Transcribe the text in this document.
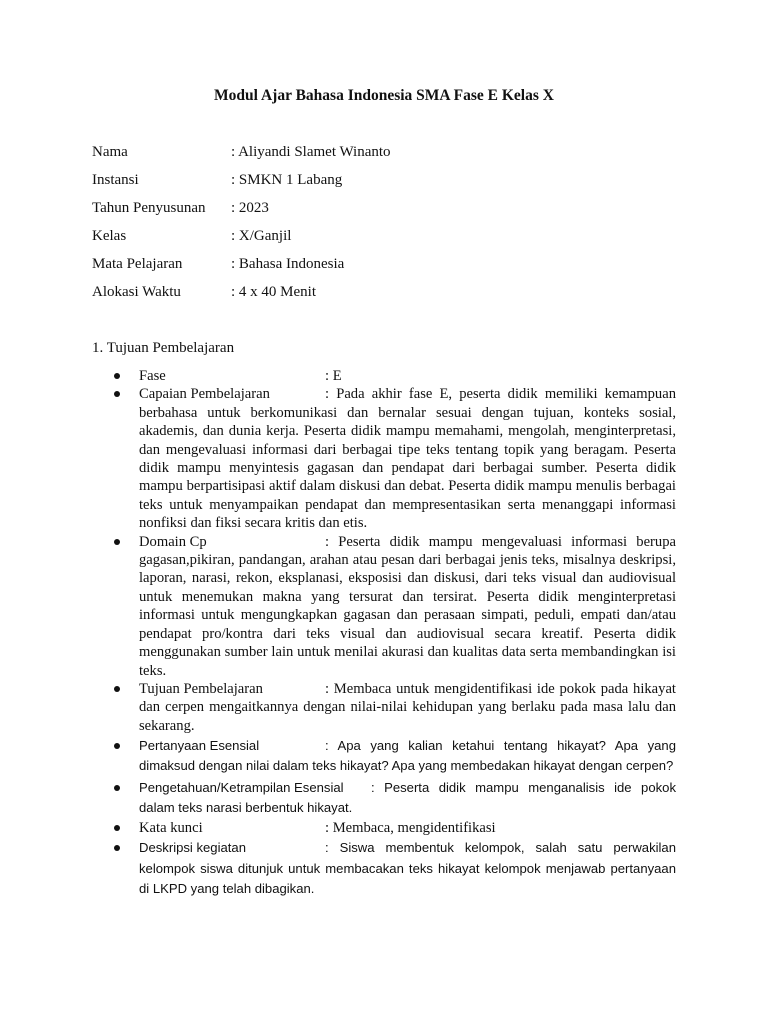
Modul Ajar Bahasa Indonesia SMA Fase E Kelas X
Nama	: Aliyandi Slamet Winanto
Instansi	: SMKN 1 Labang
Tahun Penyusunan	: 2023
Kelas	: X/Ganjil
Mata Pelajaran	: Bahasa Indonesia
Alokasi Waktu	: 4 x 40 Menit
1. Tujuan Pembelajaran
Fase	: E
Capaian Pembelajaran	: Pada akhir fase E, peserta didik memiliki kemampuan berbahasa untuk berkomunikasi dan bernalar sesuai dengan tujuan, konteks sosial, akademis, dan dunia kerja. Peserta didik mampu memahami, mengolah, menginterpretasi, dan mengevaluasi informasi dari berbagai tipe teks tentang topik yang beragam. Peserta didik mampu menyintesis gagasan dan pendapat dari berbagai sumber. Peserta didik mampu berpartisipasi aktif dalam diskusi dan debat. Peserta didik mampu menulis berbagai teks untuk menyampaikan pendapat dan mempresentasikan serta menanggapi informasi nonfiksi dan fiksi secara kritis dan etis.
Domain Cp	: Peserta didik mampu mengevaluasi informasi berupa gagasan,pikiran, pandangan, arahan atau pesan dari berbagai jenis teks, misalnya deskripsi, laporan, narasi, rekon, eksplanasi, eksposisi dan diskusi, dari teks visual dan audiovisual untuk menemukan makna yang tersurat dan tersirat. Peserta didik menginterpretasi informasi untuk mengungkapkan gagasan dan perasaan simpati, peduli, empati dan/atau pendapat pro/kontra dari teks visual dan audiovisual secara kreatif. Peserta didik menggunakan sumber lain untuk menilai akurasi dan kualitas data serta membandingkan isi teks.
Tujuan Pembelajaran	: Membaca untuk mengidentifikasi ide pokok pada hikayat dan cerpen mengaitkannya dengan nilai-nilai kehidupan yang berlaku pada masa lalu dan sekarang.
Pertanyaan Esensial	: Apa yang kalian ketahui tentang hikayat? Apa yang dimaksud dengan nilai dalam teks hikayat? Apa yang membedakan hikayat dengan cerpen?
Pengetahuan/Ketrampilan Esensial : Peserta didik mampu menganalisis ide pokok dalam teks narasi berbentuk hikayat.
Kata kunci	: Membaca, mengidentifikasi
Deskripsi kegiatan	: Siswa membentuk kelompok, salah satu perwakilan kelompok siswa ditunjuk untuk membacakan teks hikayat kelompok menjawab pertanyaan di LKPD yang telah dibagikan.
